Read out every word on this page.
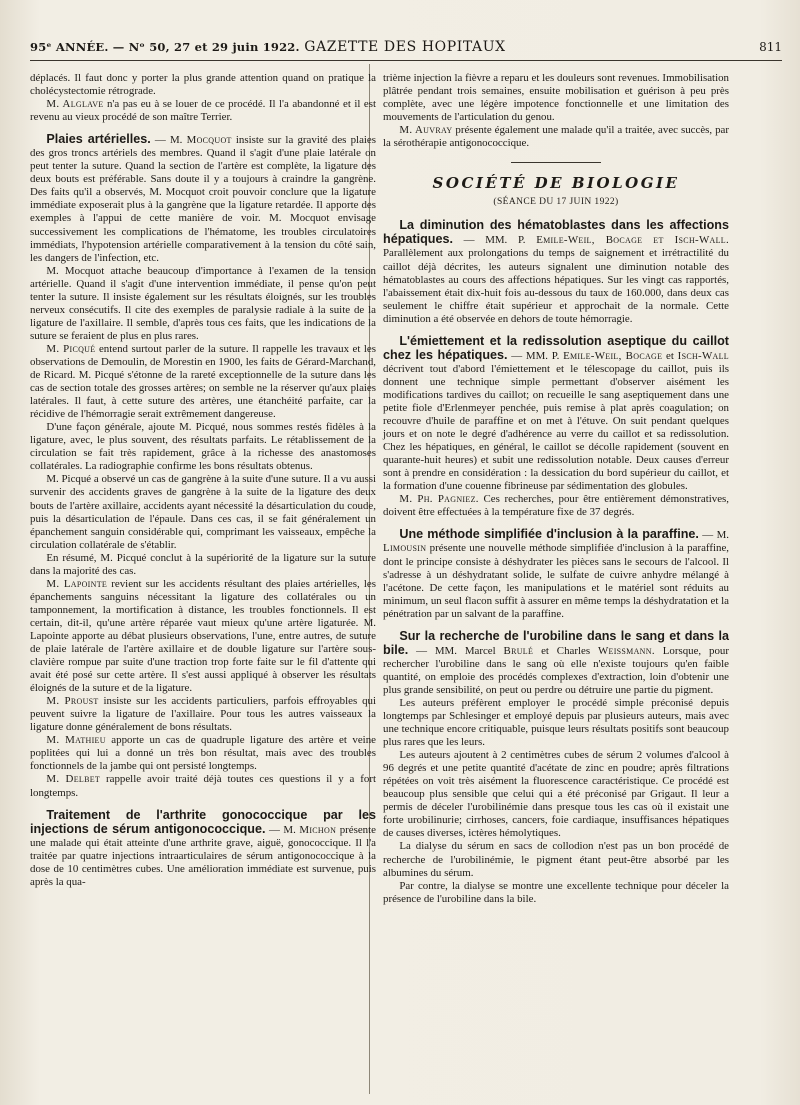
95ᵉ ANNÉE. — Nᵒ 50, 27 et 29 juin 1922. GAZETTE DES HOPITAUX	811

déplacés. Il faut donc y porter la plus grande attention quand on pratique la cholécystectomie rétrograde.

M. Alglave n'a pas eu à se louer de ce procédé. Il l'a abandonné et il est revenu au vieux procédé de son maître Terrier.

Plaies artérielles. — M. Mocquot insiste sur la gravité des plaies des gros troncs artériels des membres. Quand il s'agit d'une plaie latérale on peut tenter la suture. Quand la section de l'artère est complète, la ligature des deux bouts est préférable. Sans doute il y a toujours à craindre la gangrène. Des faits qu'il a observés, M. Mocquot croit pouvoir conclure que la ligature immédiate exposerait plus à la gangrène que la ligature retardée. Il apporte des exemples à l'appui de cette manière de voir. M. Mocquot envisage successivement les complications de l'hématome, les troubles circulatoires immédiats, l'hypotension artérielle comparativement à la tension du côté sain, les dangers de l'infection, etc.

M. Mocquot attache beaucoup d'importance à l'examen de la tension artérielle. Quand il s'agit d'une intervention immédiate, il pense qu'on peut tenter la suture. Il insiste également sur les résultats éloignés, sur les troubles nerveux consécutifs. Il cite des exemples de paralysie radiale à la suite de la ligature de l'axillaire. Il semble, d'après tous ces faits, que les indications de la suture se feraient de plus en plus rares.

M. Picqué entend surtout parler de la suture. Il rappelle les travaux et les observations de Demoulin, de Morestin en 1900, les faits de Gérard-Marchand, de Ricard. M. Picqué s'étonne de la rareté exceptionnelle de la suture dans les cas de section totale des grosses artères; on semble ne la réserver qu'aux plaies latérales. Il faut, à cette suture des artères, une étanchéité parfaite, car la récidive de l'hémorragie serait extrêmement dangereuse.

D'une façon générale, ajoute M. Picqué, nous sommes restés fidèles à la ligature, avec, le plus souvent, des résultats parfaits. Le rétablissement de la circulation se fait très rapidement, grâce à la richesse des anastomoses collatérales. La radiographie confirme les bons résultats obtenus.

M. Picqué a observé un cas de gangrène à la suite d'une suture. Il a vu aussi survenir des accidents graves de gangrène à la suite de la ligature des deux bouts de l'artère axillaire, accidents ayant nécessité la désarticulation du coude, puis la désarticulation de l'épaule. Dans ces cas, il se fait généralement un épanchement sanguin considérable qui, comprimant les vaisseaux, empêche la circulation collatérale de s'établir.

En résumé, M. Picqué conclut à la supériorité de la ligature sur la suture dans la majorité des cas.

M. Lapointe revient sur les accidents résultant des plaies artérielles, les épanchements sanguins nécessitant la ligature des collatérales ou un tamponnement, la mortification à distance, les troubles fonctionnels. Il est certain, dit-il, qu'une artère réparée vaut mieux qu'une artère ligaturée. M. Lapointe apporte au débat plusieurs observations, l'une, entre autres, de suture de plaie latérale de l'artère axillaire et de double ligature sur l'artère sous-clavière rompue par suite d'une traction trop forte faite sur le fil d'attente qui avait été posé sur cette artère. Il s'est aussi appliqué à observer les résultats éloignés de la suture et de la ligature.

M. Proust insiste sur les accidents particuliers, parfois effroyables qui peuvent suivre la ligature de l'axillaire. Pour tous les autres vaisseaux la ligature donne généralement de bons résultats.

M. Mathieu apporte un cas de quadruple ligature des artère et veine poplitées qui lui a donné un très bon résultat, mais avec des troubles fonctionnels de la jambe qui ont persisté longtemps.

M. Delbet rappelle avoir traité déjà toutes ces questions il y a fort longtemps.

Traitement de l'arthrite gonococcique par les injections de sérum antigonococcique. — M. Michon présente une malade qui était atteinte d'une arthrite grave, aiguë, gonococcique. Il l'a traitée par quatre injections intraarticulaires de sérum antigonococcique à la dose de 10 centimètres cubes. Une amélioration immédiate est survenue, puis après la qua-

trième injection la fièvre a reparu et les douleurs sont revenues. Immobilisation plâtrée pendant trois semaines, ensuite mobilisation et guérison à peu près complète, avec une légère impotence fonctionnelle et une limitation des mouvements de l'articulation du genou.

M. Auvray présente également une malade qu'il a traitée, avec succès, par la sérothérapie antigonococcique.

SOCIÉTÉ DE BIOLOGIE
(SÉANCE DU 17 JUIN 1922)

La diminution des hématoblastes dans les affections hépatiques. — MM. P. Emile-Weil, Bocage et Isch-Wall. Parallèlement aux prolongations du temps de saignement et irrétractilité du caillot déjà décrites, les auteurs signalent une diminution notable des hématoblastes au cours des affections hépatiques. Sur les vingt cas rapportés, l'abaissement était dix-huit fois au-dessous du taux de 160.000, dans deux cas seulement le chiffre était supérieur et approchait de la normale. Cette diminution a été observée en dehors de toute hémorragie.

L'émiettement et la redissolution aseptique du caillot chez les hépatiques. — MM. P. Emile-Weil, Bocage et Isch-Wall décrivent tout d'abord l'émiettement et le télescopage du caillot, puis ils donnent une technique simple permettant d'observer aisément les modifications tardives du caillot; on recueille le sang aseptiquement dans une petite fiole d'Erlenmeyer penchée, puis remise à plat après coagulation; on recouvre d'huile de paraffine et on met à l'étuve. On suit pendant quelques jours et on note le degré d'adhérence au verre du caillot et sa redissolution. Chez les hépatiques, en général, le caillot se décolle rapidement (souvent en quarante-huit heures) et subit une redissolution notable. Deux causes d'erreur sont à prendre en considération : la dessication du bord supérieur du caillot, et la formation d'une couenne fibrineuse par sédimentation des globules.

M. Ph. Pagniez. Ces recherches, pour être entièrement démonstratives, doivent être effectuées à la température fixe de 37 degrés.

Une méthode simplifiée d'inclusion à la paraffine. — M. Limousin présente une nouvelle méthode simplifiée d'inclusion à la paraffine, dont le principe consiste à déshydrater les pièces sans le secours de l'alcool. Il s'adresse à un déshydratant solide, le sulfate de cuivre anhydre mélangé à l'acétone. De cette façon, les manipulations et le matériel sont réduits au minimum, un seul flacon suffit à assurer en même temps la déshydratation et la pénétration par un salvant de la paraffine.

Sur la recherche de l'urobiline dans le sang et dans la bile. — MM. Marcel Brulé et Charles Weissmann. Lorsque, pour rechercher l'urobiline dans le sang où elle n'existe toujours qu'en faible quantité, on emploie des procédés complexes d'extraction, loin d'obtenir une plus grande sensibilité, on peut ou perdre ou détruire une partie du pigment.

Les auteurs préfèrent employer le procédé simple préconisé depuis longtemps par Schlesinger et employé depuis par plusieurs auteurs, mais avec une technique encore critiquable, puisque leurs résultats positifs sont beaucoup plus rares que les leurs.

Les auteurs ajoutent à 2 centimètres cubes de sérum 2 volumes d'alcool à 96 degrés et une petite quantité d'acétate de zinc en poudre; après filtrations répétées on voit très aisément la fluorescence caractéristique. Ce procédé est beaucoup plus sensible que celui qui a été préconisé par Grigaut. Il leur a permis de déceler l'urobilinémie dans presque tous les cas où il existait une forte urobilinurie; cirrhoses, cancers, foie cardiaque, insuffisances hépatiques de causes diverses, ictères hémolytiques.

La dialyse du sérum en sacs de collodion n'est pas un bon procédé de recherche de l'urobilinémie, le pigment étant peut-être absorbé par les albumines du sérum.

Par contre, la dialyse se montre une excellente technique pour déceler la présence de l'urobiline dans la bile.
